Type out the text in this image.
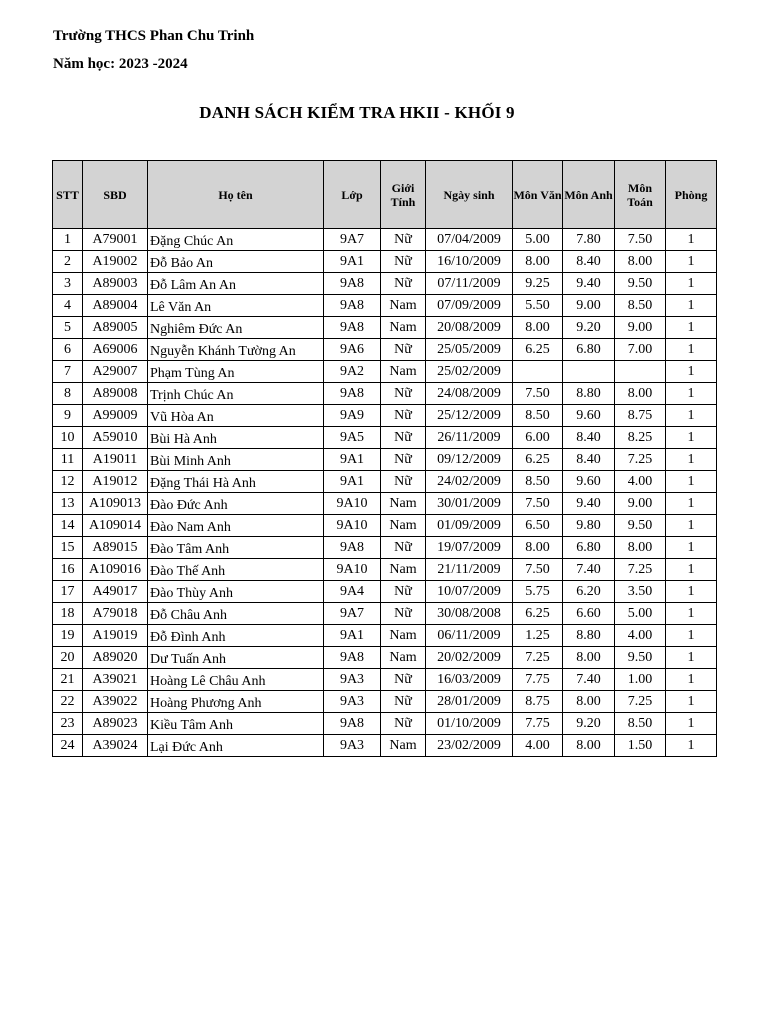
Trường THCS Phan Chu Trinh
Năm học: 2023 -2024
DANH SÁCH KIỂM TRA HKII - KHỐI 9
STT	SBD	Họ tên	Lớp	Giới Tính	Ngày sinh	Môn Văn	Môn Anh	Môn Toán	Phòng
1	A79001	Đặng Chúc An	9A7	Nữ	07/04/2009	5.00	7.80	7.50	1
2	A19002	Đỗ Bảo An	9A1	Nữ	16/10/2009	8.00	8.40	8.00	1
3	A89003	Đỗ Lâm An An	9A8	Nữ	07/11/2009	9.25	9.40	9.50	1
4	A89004	Lê Văn An	9A8	Nam	07/09/2009	5.50	9.00	8.50	1
5	A89005	Nghiêm Đức An	9A8	Nam	20/08/2009	8.00	9.20	9.00	1
6	A69006	Nguyễn Khánh Tường An	9A6	Nữ	25/05/2009	6.25	6.80	7.00	1
7	A29007	Phạm Tùng An	9A2	Nam	25/02/2009				1
8	A89008	Trịnh Chúc An	9A8	Nữ	24/08/2009	7.50	8.80	8.00	1
9	A99009	Vũ Hòa An	9A9	Nữ	25/12/2009	8.50	9.60	8.75	1
10	A59010	Bùi Hà Anh	9A5	Nữ	26/11/2009	6.00	8.40	8.25	1
11	A19011	Bùi Minh Anh	9A1	Nữ	09/12/2009	6.25	8.40	7.25	1
12	A19012	Đặng Thái Hà Anh	9A1	Nữ	24/02/2009	8.50	9.60	4.00	1
13	A109013	Đào Đức Anh	9A10	Nam	30/01/2009	7.50	9.40	9.00	1
14	A109014	Đào Nam Anh	9A10	Nam	01/09/2009	6.50	9.80	9.50	1
15	A89015	Đào Tâm Anh	9A8	Nữ	19/07/2009	8.00	6.80	8.00	1
16	A109016	Đào Thế Anh	9A10	Nam	21/11/2009	7.50	7.40	7.25	1
17	A49017	Đào Thùy Anh	9A4	Nữ	10/07/2009	5.75	6.20	3.50	1
18	A79018	Đỗ Châu Anh	9A7	Nữ	30/08/2008	6.25	6.60	5.00	1
19	A19019	Đỗ Đình Anh	9A1	Nam	06/11/2009	1.25	8.80	4.00	1
20	A89020	Dư Tuấn Anh	9A8	Nam	20/02/2009	7.25	8.00	9.50	1
21	A39021	Hoàng Lê Châu Anh	9A3	Nữ	16/03/2009	7.75	7.40	1.00	1
22	A39022	Hoàng Phương Anh	9A3	Nữ	28/01/2009	8.75	8.00	7.25	1
23	A89023	Kiều Tâm Anh	9A8	Nữ	01/10/2009	7.75	9.20	8.50	1
24	A39024	Lại Đức Anh	9A3	Nam	23/02/2009	4.00	8.00	1.50	1
